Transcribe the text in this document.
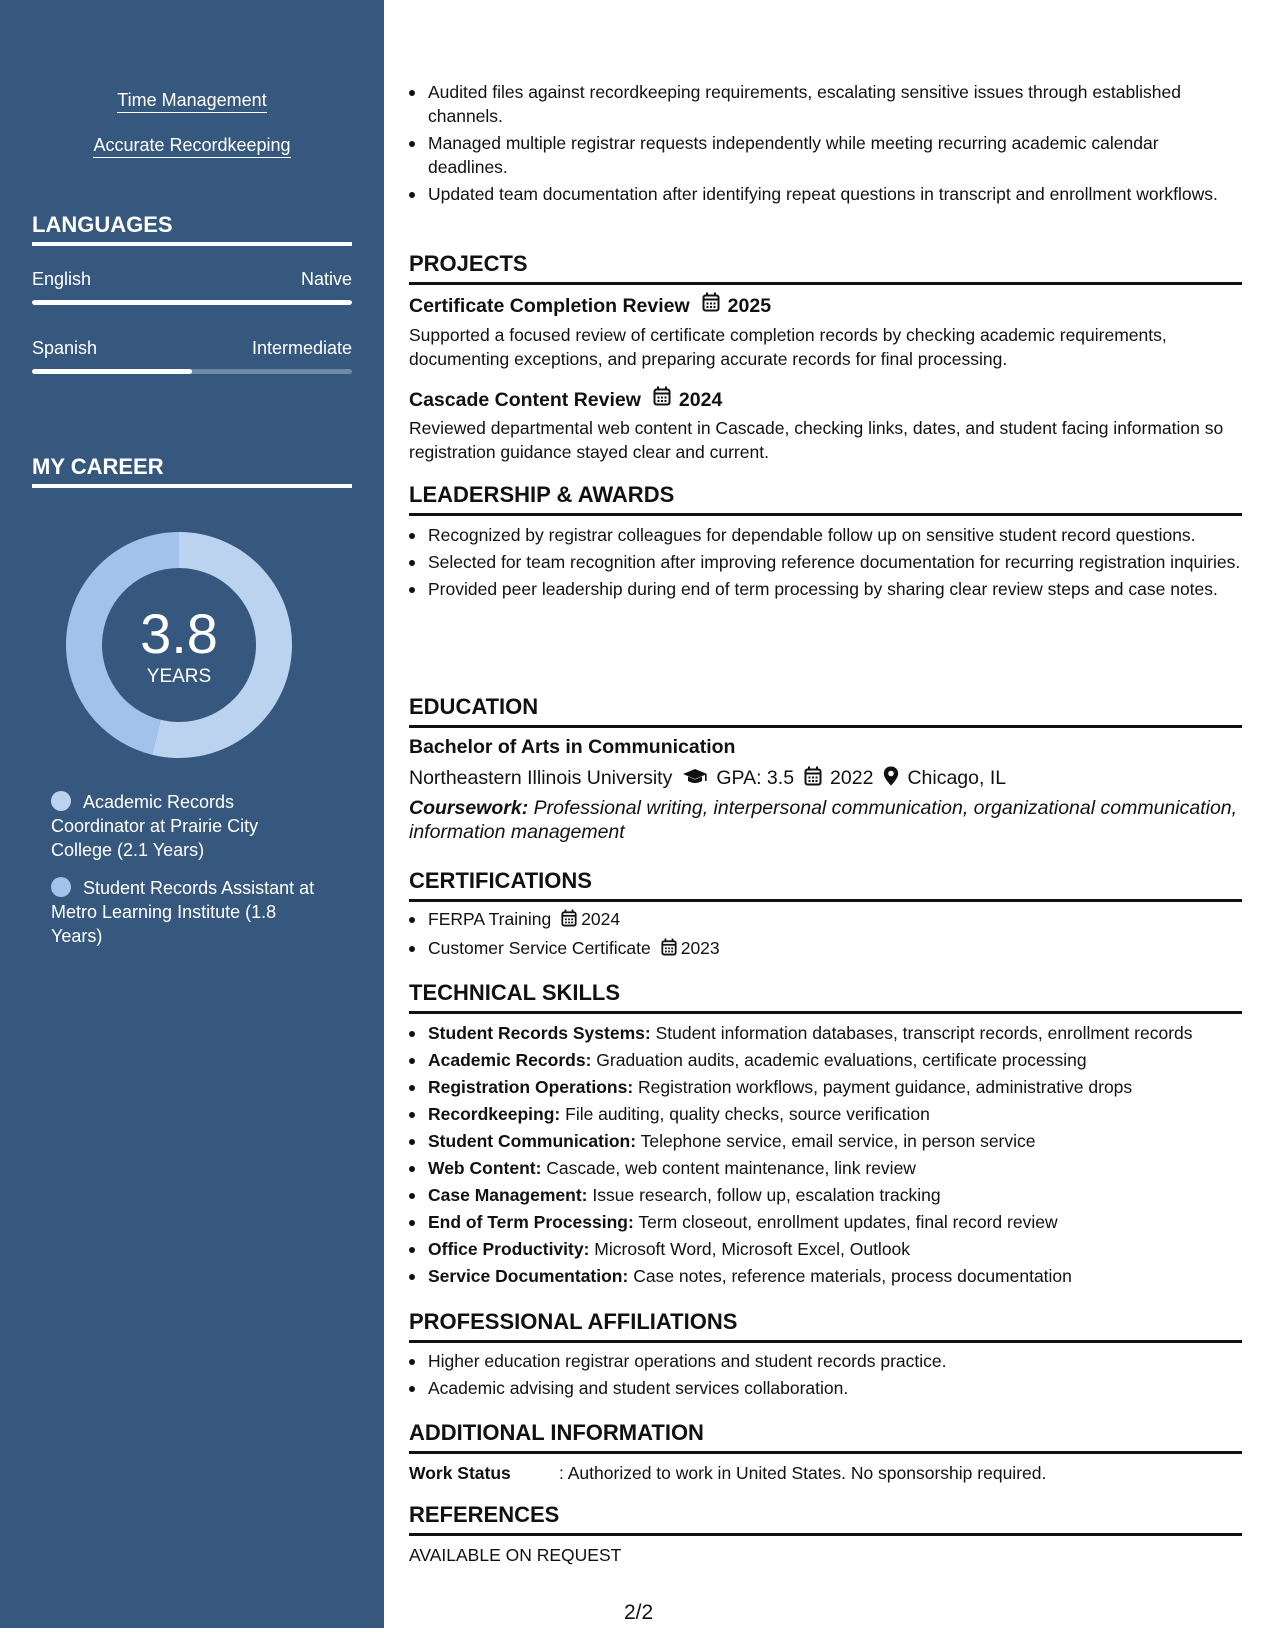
Time Management
Accurate Recordkeeping
LANGUAGES
English	Native
Spanish	Intermediate
MY CAREER
3.8
YEARS
Academic Records Coordinator at Prairie City College (2.1 Years)
Student Records Assistant at Metro Learning Institute (1.8 Years)
Audited files against recordkeeping requirements, escalating sensitive issues through established channels.
Managed multiple registrar requests independently while meeting recurring academic calendar deadlines.
Updated team documentation after identifying repeat questions in transcript and enrollment workflows.
PROJECTS
Certificate Completion Review 2025
Supported a focused review of certificate completion records by checking academic requirements, documenting exceptions, and preparing accurate records for final processing.
Cascade Content Review 2024
Reviewed departmental web content in Cascade, checking links, dates, and student facing information so registration guidance stayed clear and current.
LEADERSHIP & AWARDS
Recognized by registrar colleagues for dependable follow up on sensitive student record questions.
Selected for team recognition after improving reference documentation for recurring registration inquiries.
Provided peer leadership during end of term processing by sharing clear review steps and case notes.
EDUCATION
Bachelor of Arts in Communication
Northeastern Illinois University GPA: 3.5 2022 Chicago, IL
Coursework: Professional writing, interpersonal communication, organizational communication, information management
CERTIFICATIONS
FERPA Training 2024
Customer Service Certificate 2023
TECHNICAL SKILLS
Student Records Systems: Student information databases, transcript records, enrollment records
Academic Records: Graduation audits, academic evaluations, certificate processing
Registration Operations: Registration workflows, payment guidance, administrative drops
Recordkeeping: File auditing, quality checks, source verification
Student Communication: Telephone service, email service, in person service
Web Content: Cascade, web content maintenance, link review
Case Management: Issue research, follow up, escalation tracking
End of Term Processing: Term closeout, enrollment updates, final record review
Office Productivity: Microsoft Word, Microsoft Excel, Outlook
Service Documentation: Case notes, reference materials, process documentation
PROFESSIONAL AFFILIATIONS
Higher education registrar operations and student records practice.
Academic advising and student services collaboration.
ADDITIONAL INFORMATION
Work Status	: Authorized to work in United States. No sponsorship required.
REFERENCES
AVAILABLE ON REQUEST
2/2
